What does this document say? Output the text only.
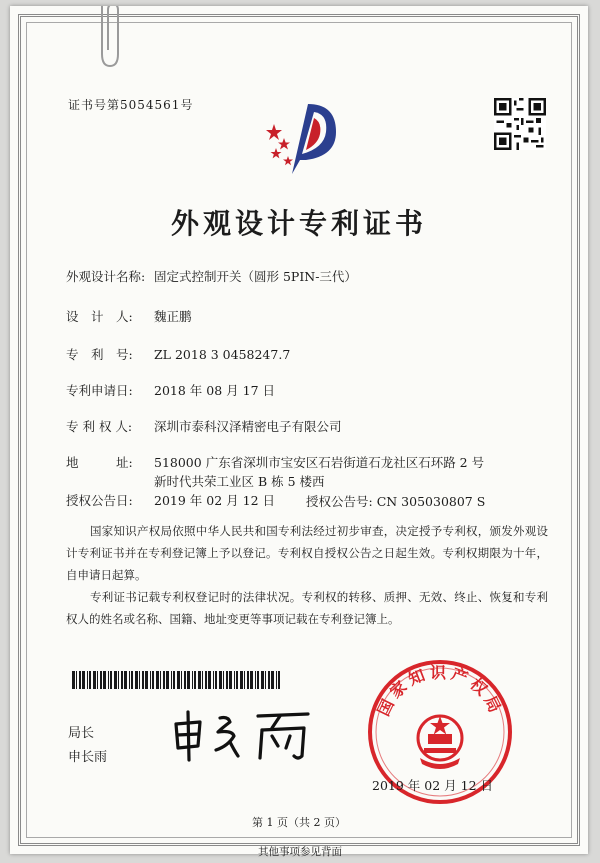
证书号第5054561号
外观设计专利证书
外观设计名称: 固定式控制开关（圆形 5PIN-三代）
设　计　人: 魏正鹏
专　利　号: ZL 2018 3 0458247.7
专利申请日: 2018 年 08 月 17 日
专 利 权 人: 深圳市泰科汉泽精密电子有限公司
地　　　址: 518000 广东省深圳市宝安区石岩街道石龙社区石环路 2 号
新时代共荣工业区 B 栋 5 楼西
授权公告日: 2019 年 02 月 12 日 授权公告号: CN 305030807 S
国家知识产权局依照中华人民共和国专利法经过初步审查，决定授予专利权，颁发外观设计专利证书并在专利登记簿上予以登记。专利权自授权公告之日起生效。专利权期限为十年，自申请日起算。
专利证书记载专利权登记时的法律状况。专利权的转移、质押、无效、终止、恢复和专利权人的姓名或名称、国籍、地址变更等事项记载在专利登记簿上。
局长
申长雨
国家知识产权局
2019 年 02 月 12 日
第 1 页（共 2 页）
其他事项参见背面
